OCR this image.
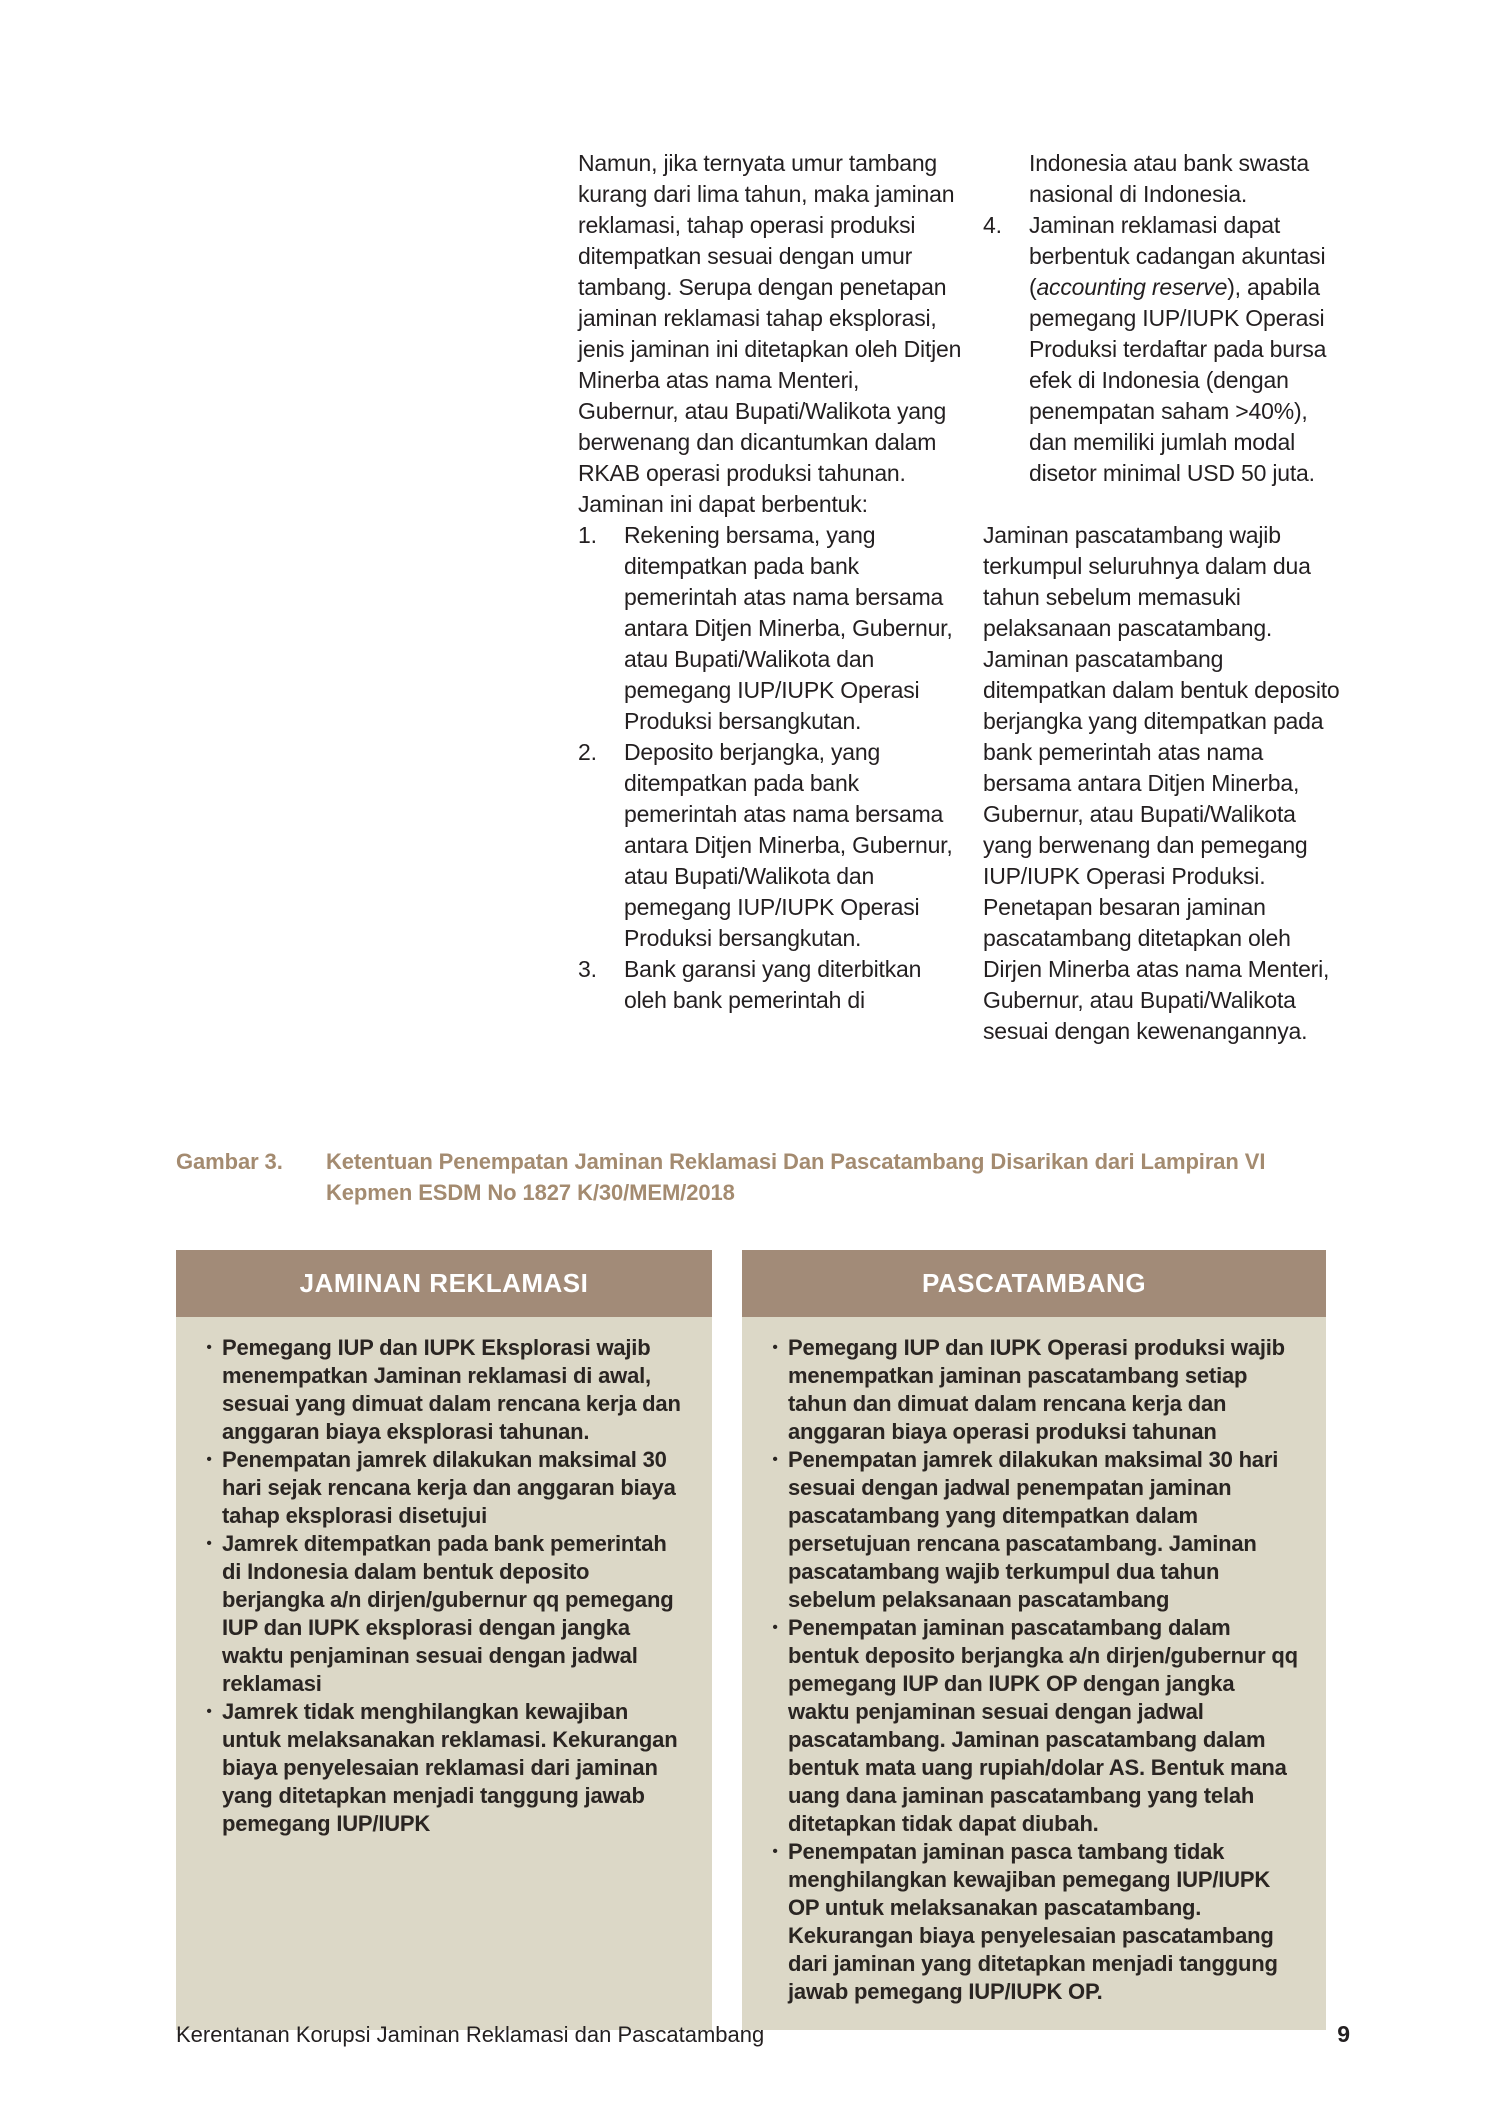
Namun, jika ternyata umur tambang kurang dari lima tahun, maka jaminan reklamasi, tahap operasi produksi ditempatkan sesuai dengan umur tambang. Serupa dengan penetapan jaminan reklamasi tahap eksplorasi, jenis jaminan ini ditetapkan oleh Ditjen Minerba atas nama Menteri, Gubernur, atau Bupati/Walikota yang berwenang dan dicantumkan dalam RKAB operasi produksi tahunan. Jaminan ini dapat berbentuk:

1.	Rekening bersama, yang ditempatkan pada bank pemerintah atas nama bersama antara Ditjen Minerba, Gubernur, atau Bupati/Walikota dan pemegang IUP/IUPK Operasi Produksi bersangkutan.
2.	Deposito berjangka, yang ditempatkan pada bank pemerintah atas nama bersama antara Ditjen Minerba, Gubernur, atau Bupati/Walikota dan pemegang IUP/IUPK Operasi Produksi bersangkutan.
3.	Bank garansi yang diterbitkan oleh bank pemerintah di
Indonesia atau bank swasta nasional di Indonesia.
4.	Jaminan reklamasi dapat berbentuk cadangan akuntasi (accounting reserve), apabila pemegang IUP/IUPK Operasi Produksi terdaftar pada bursa efek di Indonesia (dengan penempatan saham >40%), dan memiliki jumlah modal disetor minimal USD 50 juta.

Jaminan pascatambang wajib terkumpul seluruhnya dalam dua tahun sebelum memasuki pelaksanaan pascatambang. Jaminan pascatambang ditempatkan dalam bentuk deposito berjangka yang ditempatkan pada bank pemerintah atas nama bersama antara Ditjen Minerba, Gubernur, atau Bupati/Walikota yang berwenang dan pemegang IUP/IUPK Operasi Produksi. Penetapan besaran jaminan pascatambang ditetapkan oleh Dirjen Minerba atas nama Menteri, Gubernur, atau Bupati/Walikota sesuai dengan kewenangannya.

Gambar 3.	Ketentuan Penempatan Jaminan Reklamasi Dan Pascatambang Disarikan dari Lampiran VI Kepmen ESDM No 1827 K/30/MEM/2018
JAMINAN REKLAMASI
• Pemegang IUP dan IUPK Eksplorasi wajib menempatkan Jaminan reklamasi di awal, sesuai yang dimuat dalam rencana kerja dan anggaran biaya eksplorasi tahunan.
• Penempatan jamrek dilakukan maksimal 30 hari sejak rencana kerja dan anggaran biaya tahap eksplorasi disetujui
• Jamrek ditempatkan pada bank pemerintah di Indonesia dalam bentuk deposito berjangka a/n dirjen/gubernur qq pemegang IUP dan IUPK eksplorasi dengan jangka waktu penjaminan sesuai dengan jadwal reklamasi
• Jamrek tidak menghilangkan kewajiban untuk melaksanakan reklamasi. Kekurangan biaya penyelesaian reklamasi dari jaminan yang ditetapkan menjadi tanggung jawab pemegang IUP/IUPK
PASCATAMBANG
• Pemegang IUP dan IUPK Operasi produksi wajib menempatkan jaminan pascatambang setiap tahun dan dimuat dalam rencana kerja dan anggaran biaya operasi produksi tahunan
• Penempatan jamrek dilakukan maksimal 30 hari sesuai dengan jadwal penempatan jaminan pascatambang yang ditempatkan dalam persetujuan rencana pascatambang. Jaminan pascatambang wajib terkumpul dua tahun sebelum pelaksanaan pascatambang
• Penempatan jaminan pascatambang dalam bentuk deposito berjangka a/n dirjen/gubernur qq pemegang IUP dan IUPK OP dengan jangka waktu penjaminan sesuai dengan jadwal pascatambang. Jaminan pascatambang dalam bentuk mata uang rupiah/dolar AS. Bentuk mana uang dana jaminan pascatambang yang telah ditetapkan tidak dapat diubah.
• Penempatan jaminan pasca tambang tidak menghilangkan kewajiban pemegang IUP/IUPK OP untuk melaksanakan pascatambang. Kekurangan biaya penyelesaian pascatambang dari jaminan yang ditetapkan menjadi tanggung jawab pemegang IUP/IUPK OP.
Kerentanan Korupsi Jaminan Reklamasi dan Pascatambang	9
